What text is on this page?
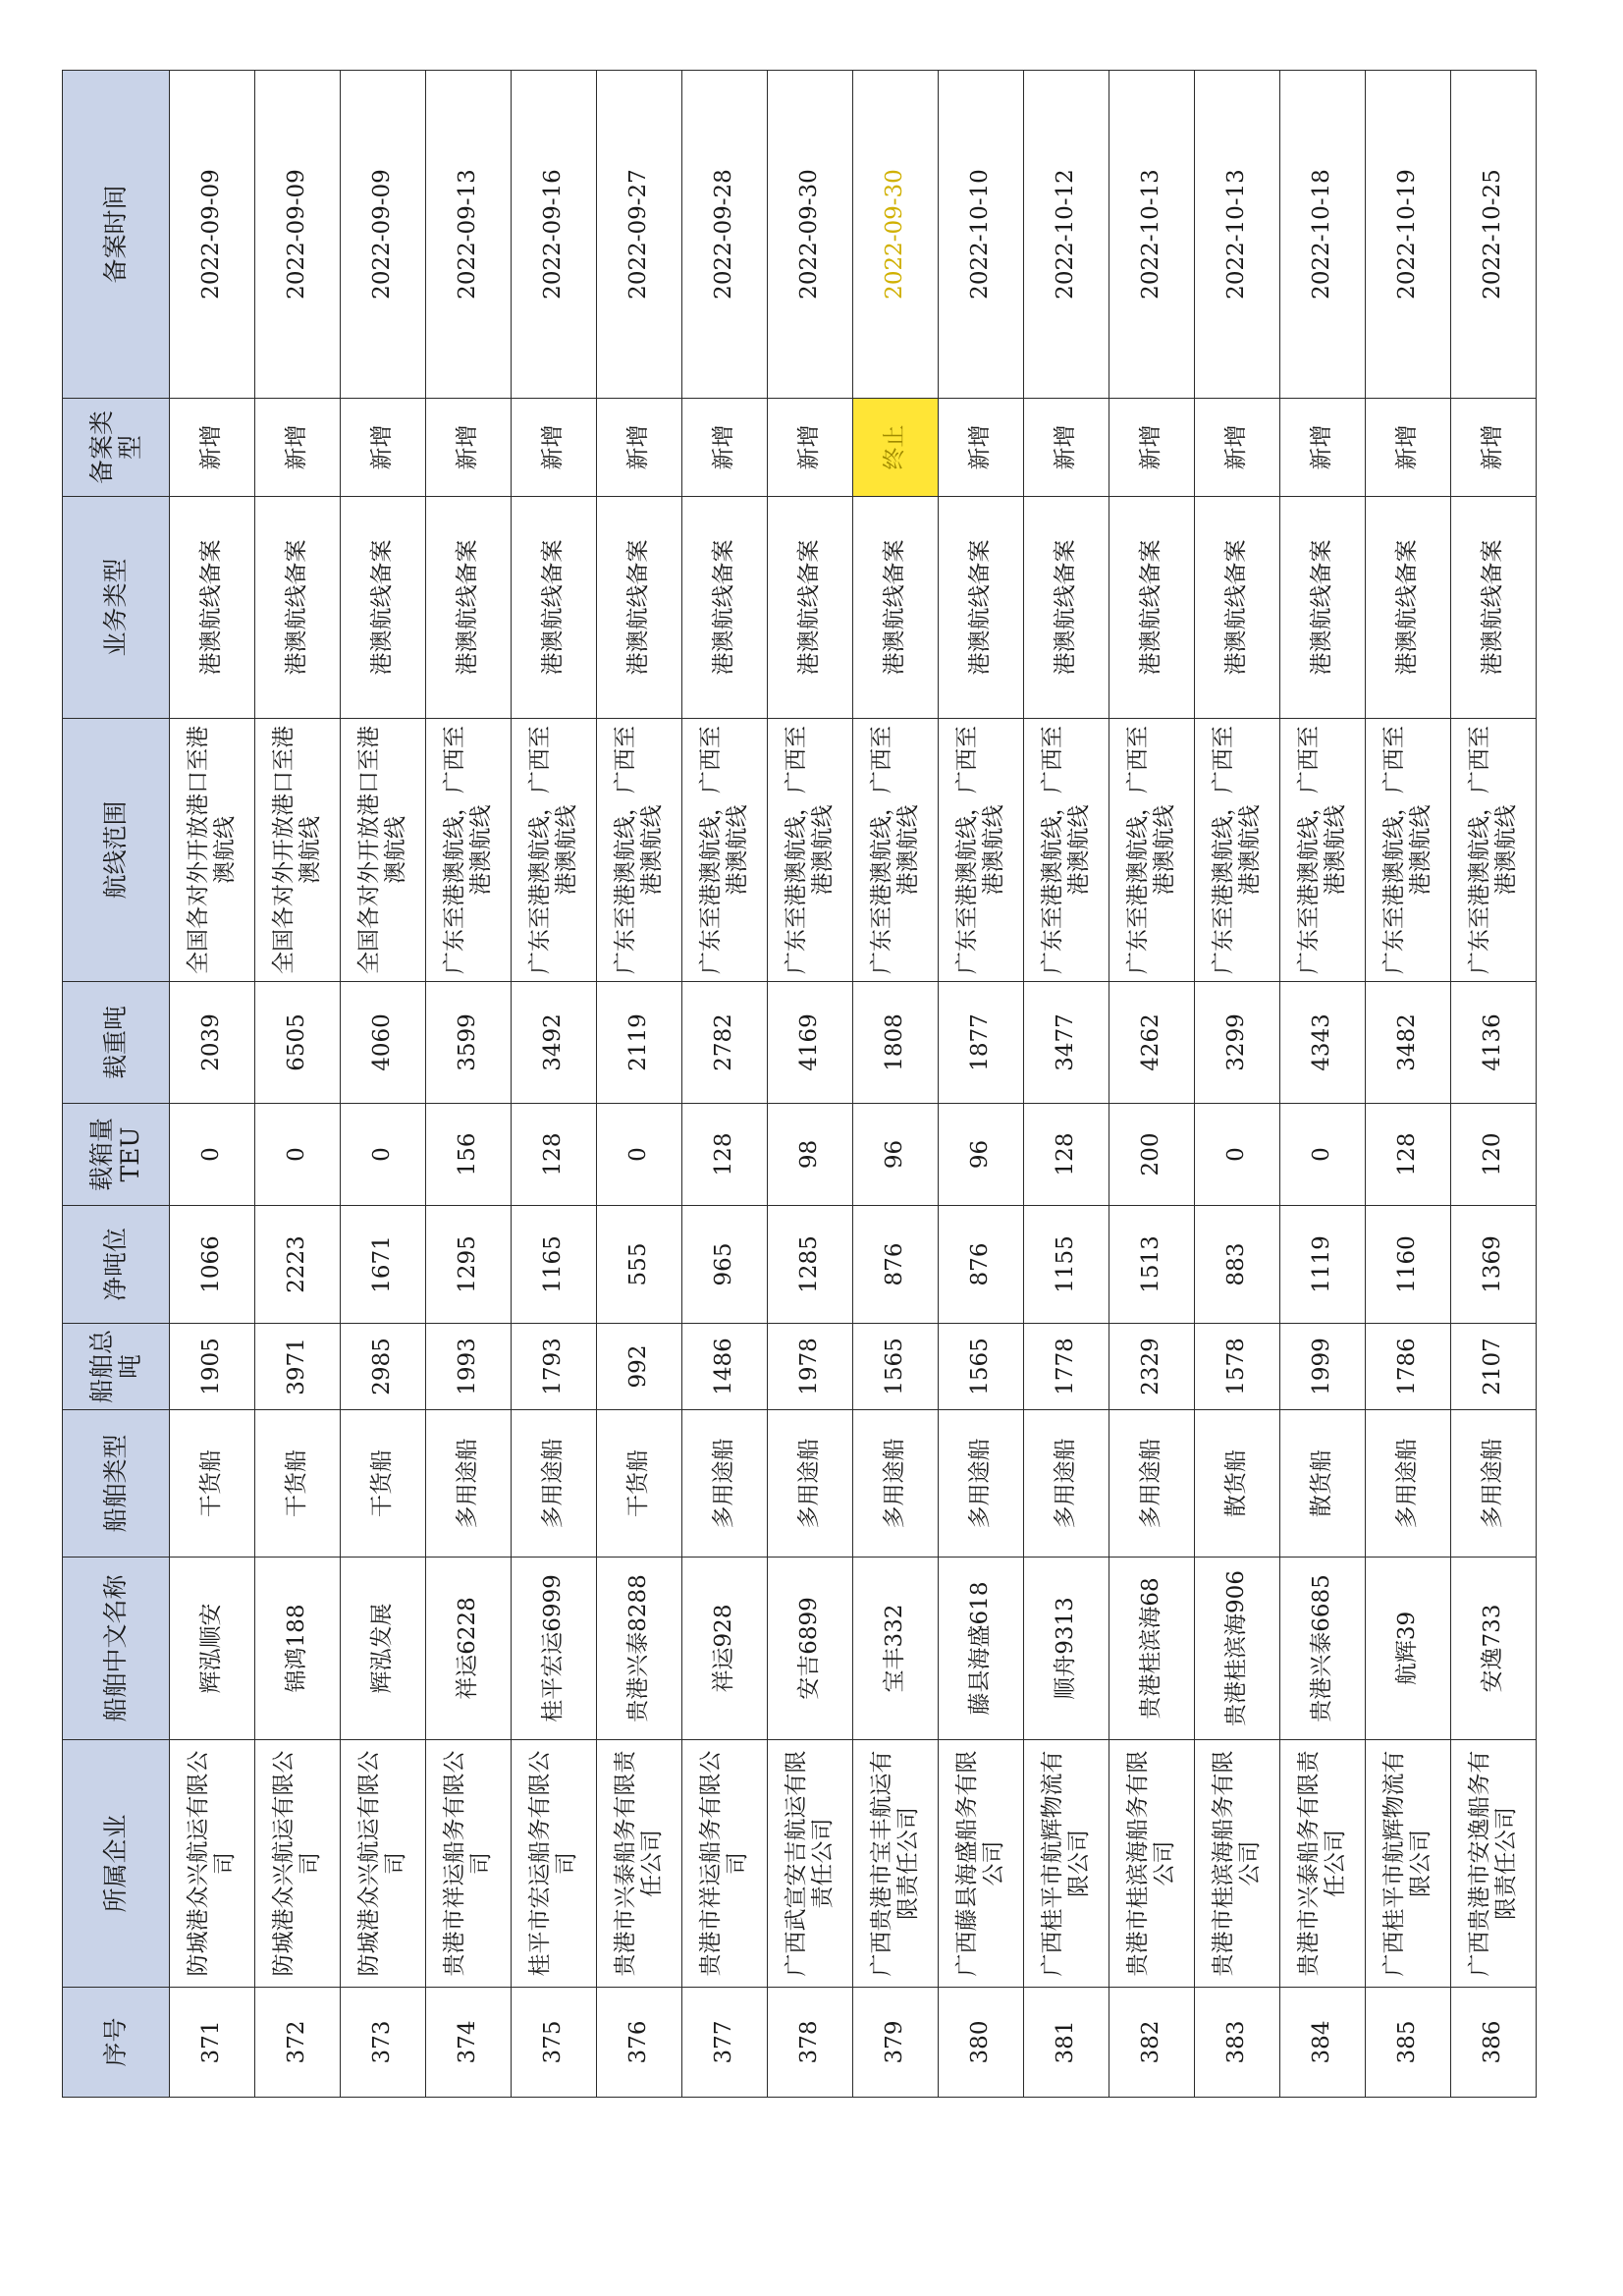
序号	所属企业	船舶中文名称	船舶类型	船舶总吨	净吨位	载箱量TEU	载重吨	航线范围	业务类型	备案类型	备案时间
371	防城港众兴航运有限公司	辉泓顺安	干货船	1905	1066	0	2039	全国各对外开放港口至港澳航线	港澳航线备案	新增	2022-09-09
372	防城港众兴航运有限公司	锦鸿188	干货船	3971	2223	0	6505	全国各对外开放港口至港澳航线	港澳航线备案	新增	2022-09-09
373	防城港众兴航运有限公司	辉泓发展	干货船	2985	1671	0	4060	全国各对外开放港口至港澳航线	港澳航线备案	新增	2022-09-09
374	贵港市祥运船务有限公司	祥运6228	多用途船	1993	1295	156	3599	广东至港澳航线，广西至港澳航线	港澳航线备案	新增	2022-09-13
375	桂平市宏运船务有限公司	桂平宏运6999	多用途船	1793	1165	128	3492	广东至港澳航线，广西至港澳航线	港澳航线备案	新增	2022-09-16
376	贵港市兴泰船务有限责任公司	贵港兴泰8288	干货船	992	555	0	2119	广东至港澳航线，广西至港澳航线	港澳航线备案	新增	2022-09-27
377	贵港市祥运船务有限公司	祥运928	多用途船	1486	965	128	2782	广东至港澳航线，广西至港澳航线	港澳航线备案	新增	2022-09-28
378	广西武宣安吉航运有限责任公司	安吉6899	多用途船	1978	1285	98	4169	广东至港澳航线，广西至港澳航线	港澳航线备案	新增	2022-09-30
379	广西贵港市宝丰航运有限责任公司	宝丰332	多用途船	1565	876	96	1808	广东至港澳航线，广西至港澳航线	港澳航线备案	终止	2022-09-30
380	广西藤县海盛船务有限公司	藤县海盛618	多用途船	1565	876	96	1877	广东至港澳航线，广西至港澳航线	港澳航线备案	新增	2022-10-10
381	广西桂平市航辉物流有限公司	顺舟9313	多用途船	1778	1155	128	3477	广东至港澳航线，广西至港澳航线	港澳航线备案	新增	2022-10-12
382	贵港市桂滨海船务有限公司	贵港桂滨海68	多用途船	2329	1513	200	4262	广东至港澳航线，广西至港澳航线	港澳航线备案	新增	2022-10-13
383	贵港市桂滨海船务有限公司	贵港桂滨海906	散货船	1578	883	0	3299	广东至港澳航线，广西至港澳航线	港澳航线备案	新增	2022-10-13
384	贵港市兴泰船务有限责任公司	贵港兴泰6685	散货船	1999	1119	0	4343	广东至港澳航线，广西至港澳航线	港澳航线备案	新增	2022-10-18
385	广西桂平市航辉物流有限公司	航辉39	多用途船	1786	1160	128	3482	广东至港澳航线，广西至港澳航线	港澳航线备案	新增	2022-10-19
386	广西贵港市安逸船务有限责任公司	安逸733	多用途船	2107	1369	120	4136	广东至港澳航线，广西至港澳航线	港澳航线备案	新增	2022-10-25
